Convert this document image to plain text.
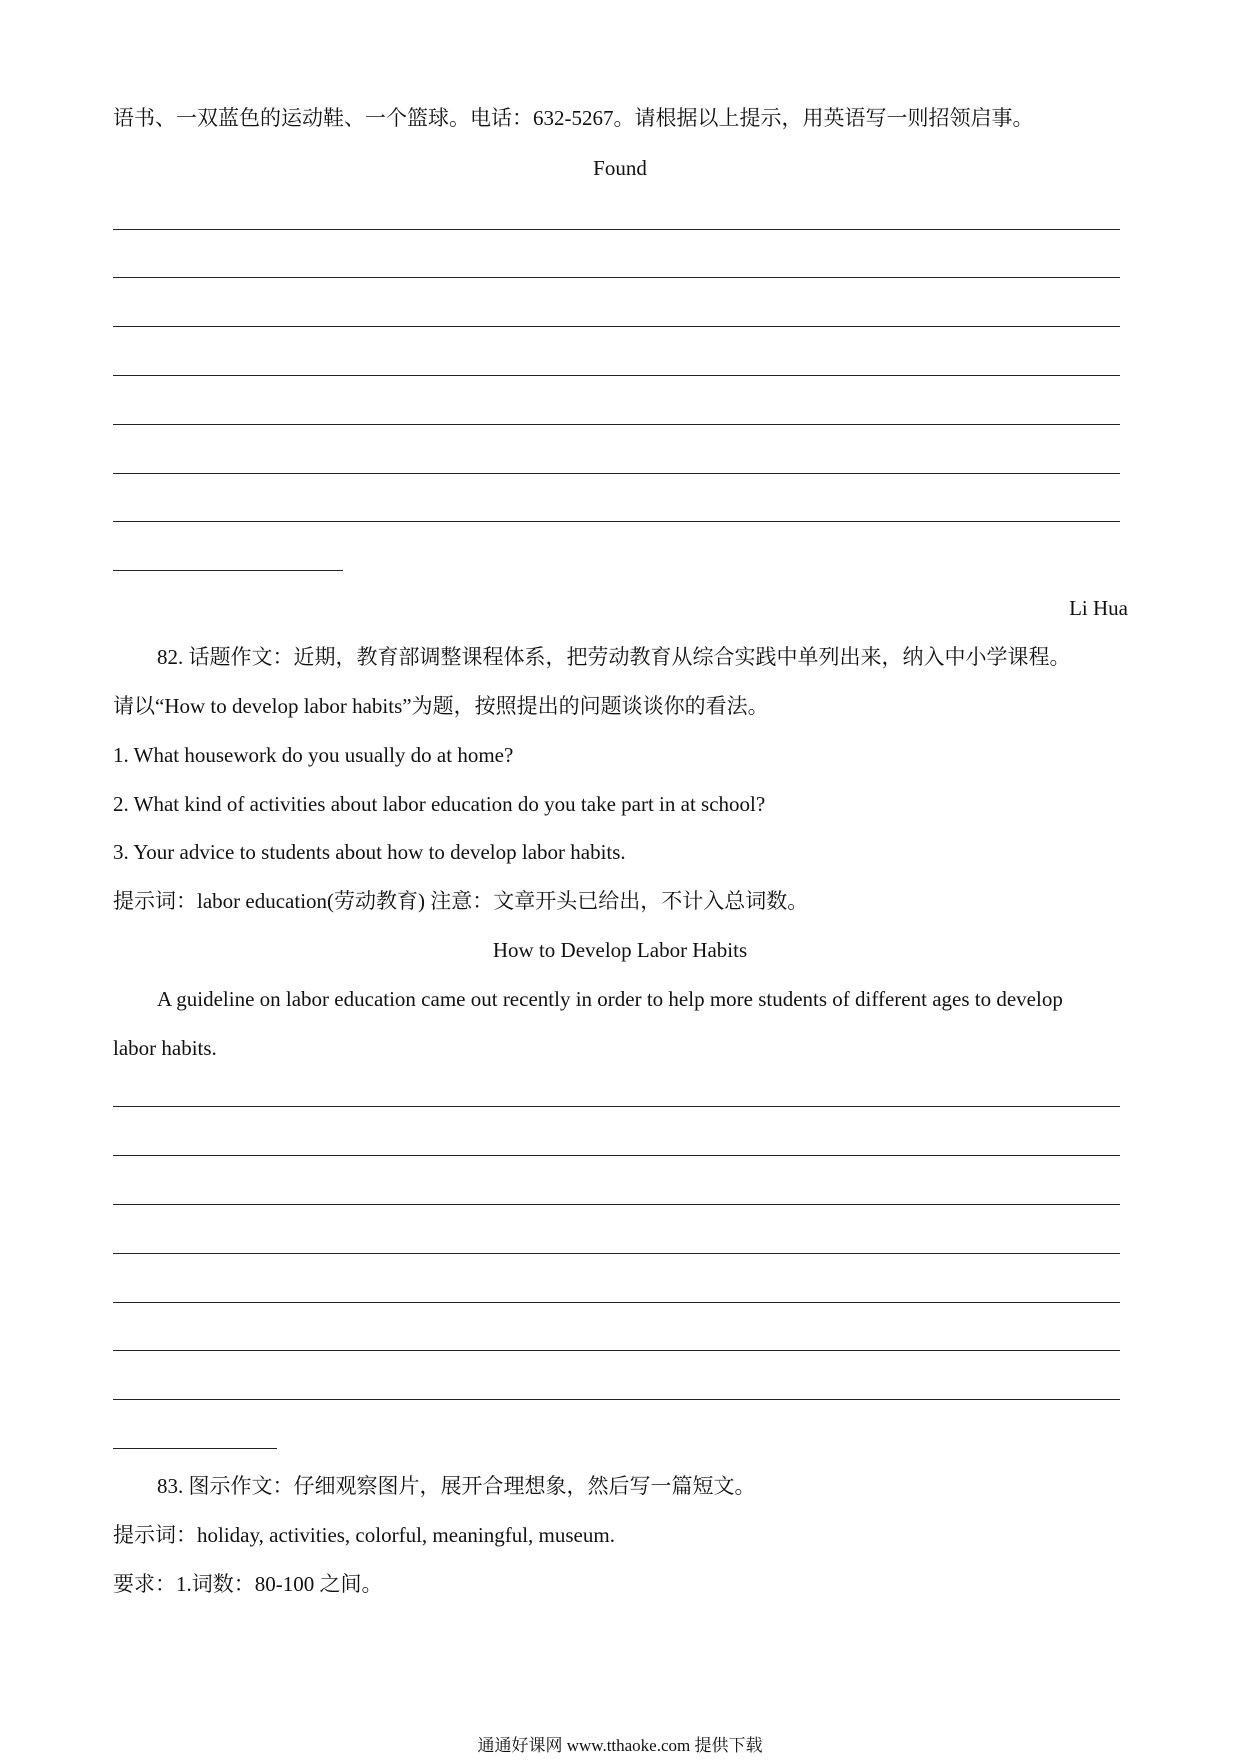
语书、一双蓝色的运动鞋、一个篮球。电话：632-5267。请根据以上提示，用英语写一则招领启事。
Found
Li Hua
82. 话题作文：近期，教育部调整课程体系，把劳动教育从综合实践中单列出来，纳入中小学课程。
请以“How to develop labor habits”为题，按照提出的问题谈谈你的看法。
1. What housework do you usually do at home?
2. What kind of activities about labor education do you take part in at school?
3. Your advice to students about how to develop labor habits.
提示词：labor education(劳动教育) 注意：文章开头已给出，不计入总词数。
How to Develop Labor Habits
A guideline on labor education came out recently in order to help more students of different ages to develop
labor habits.
83. 图示作文：仔细观察图片，展开合理想象，然后写一篇短文。
提示词：holiday, activities, colorful, meaningful, museum.
要求：1.词数：80-100 之间。
通通好课网 www.tthaoke.com 提供下载
